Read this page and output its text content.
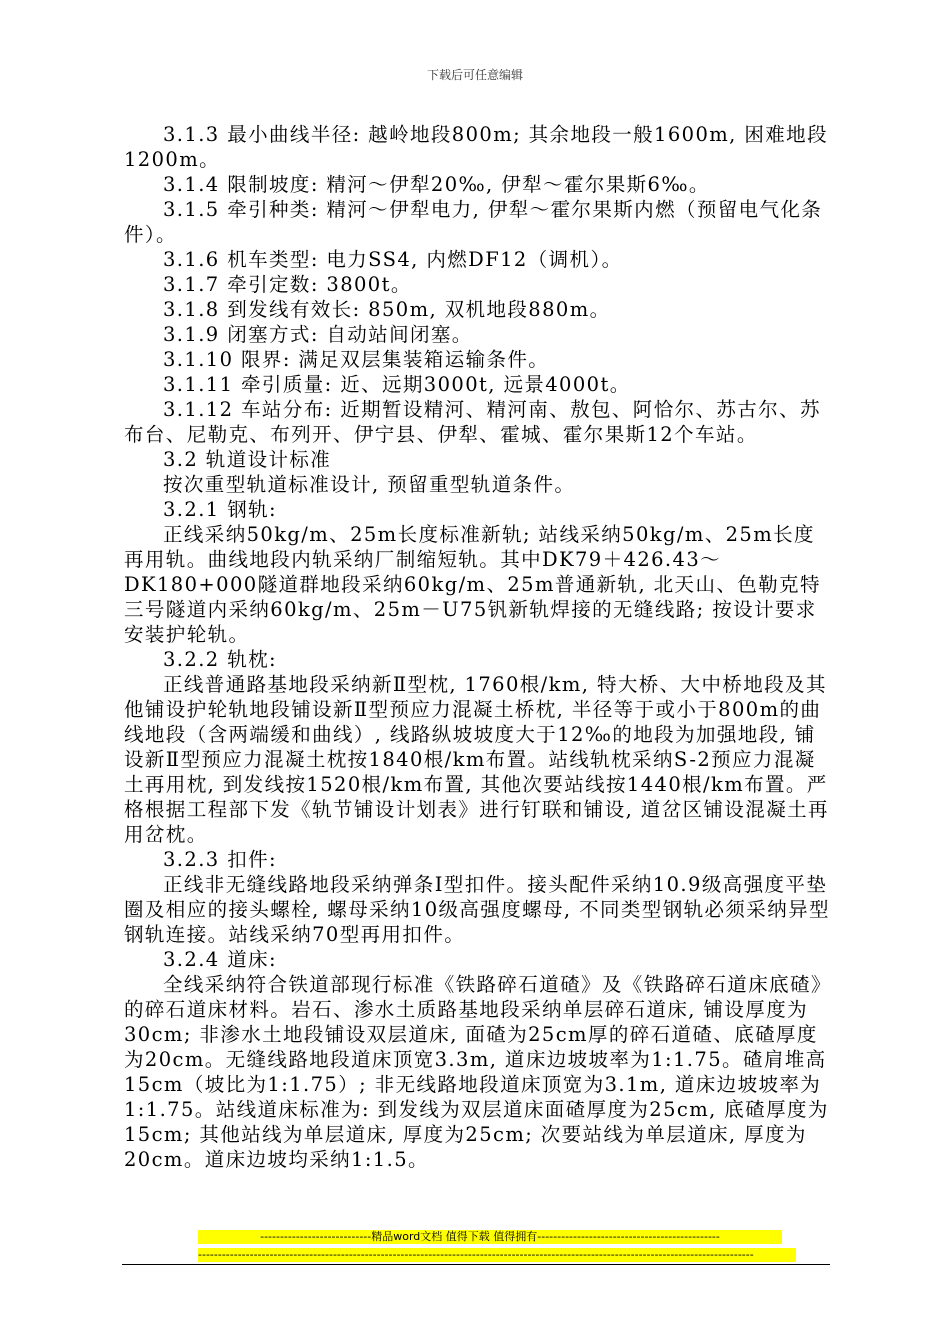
下载后可任意编辑

3.1.3 最小曲线半径: 越岭地段800m; 其余地段一般1600m, 困难地段1200m。

3.1.4 限制坡度: 精河～伊犁20‰, 伊犁～霍尔果斯6‰。

3.1.5 牵引种类: 精河～伊犁电力, 伊犁～霍尔果斯内燃（预留电气化条件）。

3.1.6 机车类型: 电力SS4, 内燃DF12（调机）。

3.1.7 牵引定数: 3800t。

3.1.8 到发线有效长: 850m, 双机地段880m。

3.1.9 闭塞方式: 自动站间闭塞。

3.1.10 限界: 满足双层集装箱运输条件。

3.1.11 牵引质量: 近、远期3000t, 远景4000t。

3.1.12 车站分布: 近期暂设精河、精河南、敖包、阿恰尔、苏古尔、苏布台、尼勒克、布列开、伊宁县、伊犁、霍城、霍尔果斯12个车站。

3.2 轨道设计标准

按次重型轨道标准设计, 预留重型轨道条件。

3.2.1 钢轨:

正线采纳50kg/m、25m长度标准新轨; 站线采纳50kg/m、25m长度再用轨。曲线地段内轨采纳厂制缩短轨。其中DK79＋426.43～DK180+000隧道群地段采纳60kg/m、25m普通新轨, 北天山、色勒克特三号隧道内采纳60kg/m、25m－U75钒新轨焊接的无缝线路; 按设计要求安装护轮轨。

3.2.2 轨枕:

正线普通路基地段采纳新Ⅱ型枕, 1760根/km, 特大桥、大中桥地段及其他铺设护轮轨地段铺设新Ⅱ型预应力混凝土桥枕, 半径等于或小于800m的曲线地段（含两端缓和曲线）, 线路纵坡坡度大于12‰的地段为加强地段, 铺设新Ⅱ型预应力混凝土枕按1840根/km布置。站线轨枕采纳S-2预应力混凝土再用枕, 到发线按1520根/km布置, 其他次要站线按1440根/km布置。严格根据工程部下发《轨节铺设计划表》进行钉联和铺设, 道岔区铺设混凝土再用岔枕。

3.2.3 扣件:

正线非无缝线路地段采纳弹条Ⅰ型扣件。接头配件采纳10.9级高强度平垫圈及相应的接头螺栓, 螺母采纳10级高强度螺母, 不同类型钢轨必须采纳异型钢轨连接。站线采纳70型再用扣件。

3.2.4 道床:

全线采纳符合铁道部现行标准《铁路碎石道碴》及《铁路碎石道床底碴》的碎石道床材料。岩石、渗水土质路基地段采纳单层碎石道床, 铺设厚度为30cm; 非渗水土地段铺设双层道床, 面碴为25cm厚的碎石道碴、底碴厚度为20cm。无缝线路地段道床顶宽3.3m, 道床边坡坡率为1:1.75。碴肩堆高15cm（坡比为1:1.75）; 非无线路地段道床顶宽为3.1m, 道床边坡坡率为1:1.75。站线道床标准为: 到发线为双层道床面碴厚度为25cm, 底碴厚度为15cm; 其他站线为单层道床, 厚度为25cm; 次要站线为单层道床, 厚度为20cm。道床边坡均采纳1:1.5。

----------------------------精品word文档 值得下载 值得拥有----------------------------------------------
--------------------------------------------------------------------------------------------------------------------------------------------
